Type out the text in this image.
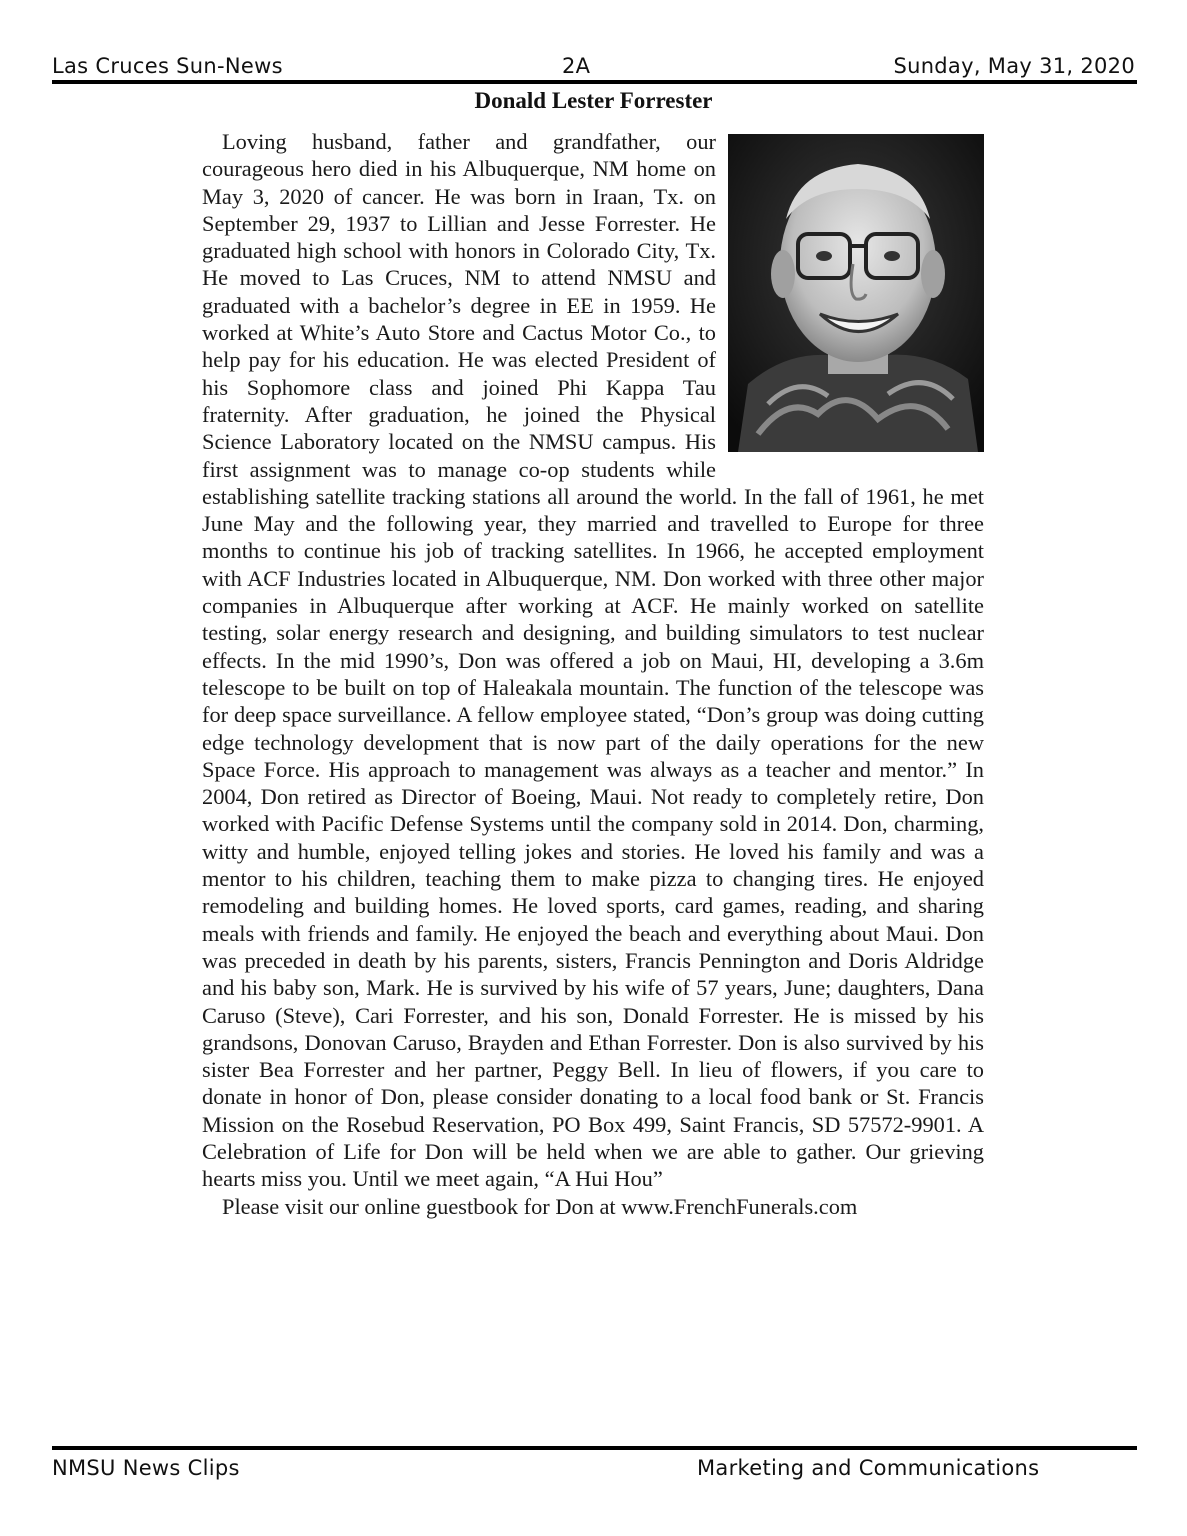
Las Cruces Sun-News	2A	Sunday, May 31, 2020
Donald Lester Forrester

Loving husband, father and grandfather, our courageous hero died in his Albuquerque, NM home on May 3, 2020 of cancer. He was born in Iraan, Tx. on September 29, 1937 to Lillian and Jesse Forrester. He graduated high school with honors in Colorado City, Tx. He moved to Las Cruces, NM to attend NMSU and graduated with a bachelor’s degree in EE in 1959. He worked at White’s Auto Store and Cactus Motor Co., to help pay for his education. He was elected President of his Sophomore class and joined Phi Kappa Tau fraternity. After graduation, he joined the Physical Science Laboratory located on the NMSU campus. His first assignment was to manage co-op students while establishing satellite tracking stations all around the world. In the fall of 1961, he met June May and the following year, they married and travelled to Europe for three months to continue his job of tracking satellites. In 1966, he accepted employment with ACF Industries located in Albuquerque, NM. Don worked with three other major companies in Albuquerque after working at ACF. He mainly worked on satellite testing, solar energy research and designing, and building simulators to test nuclear effects. In the mid 1990’s, Don was offered a job on Maui, HI, developing a 3.6m telescope to be built on top of Haleakala mountain. The function of the telescope was for deep space surveillance. A fellow employee stated, “Don’s group was doing cutting edge technology development that is now part of the daily operations for the new Space Force. His approach to management was always as a teacher and mentor.” In 2004, Don retired as Director of Boeing, Maui. Not ready to completely retire, Don worked with Pacific Defense Systems until the company sold in 2014. Don, charming, witty and humble, enjoyed telling jokes and stories. He loved his family and was a mentor to his children, teaching them to make pizza to changing tires. He enjoyed remodeling and building homes. He loved sports, card games, reading, and sharing meals with friends and family. He enjoyed the beach and everything about Maui. Don was preceded in death by his parents, sisters, Francis Pennington and Doris Aldridge and his baby son, Mark. He is survived by his wife of 57 years, June; daughters, Dana Caruso (Steve), Cari Forrester, and his son, Donald Forrester. He is missed by his grandsons, Donovan Caruso, Brayden and Ethan Forrester. Don is also survived by his sister Bea Forrester and her partner, Peggy Bell. In lieu of flowers, if you care to donate in honor of Don, please consider donating to a local food bank or St. Francis Mission on the Rosebud Reservation, PO Box 499, Saint Francis, SD 57572-9901. A Celebration of Life for Don will be held when we are able to gather. Our grieving hearts miss you. Until we meet again, “A Hui Hou”

Please visit our online guestbook for Don at www.FrenchFunerals.com

NMSU News Clips	Marketing and Communications
